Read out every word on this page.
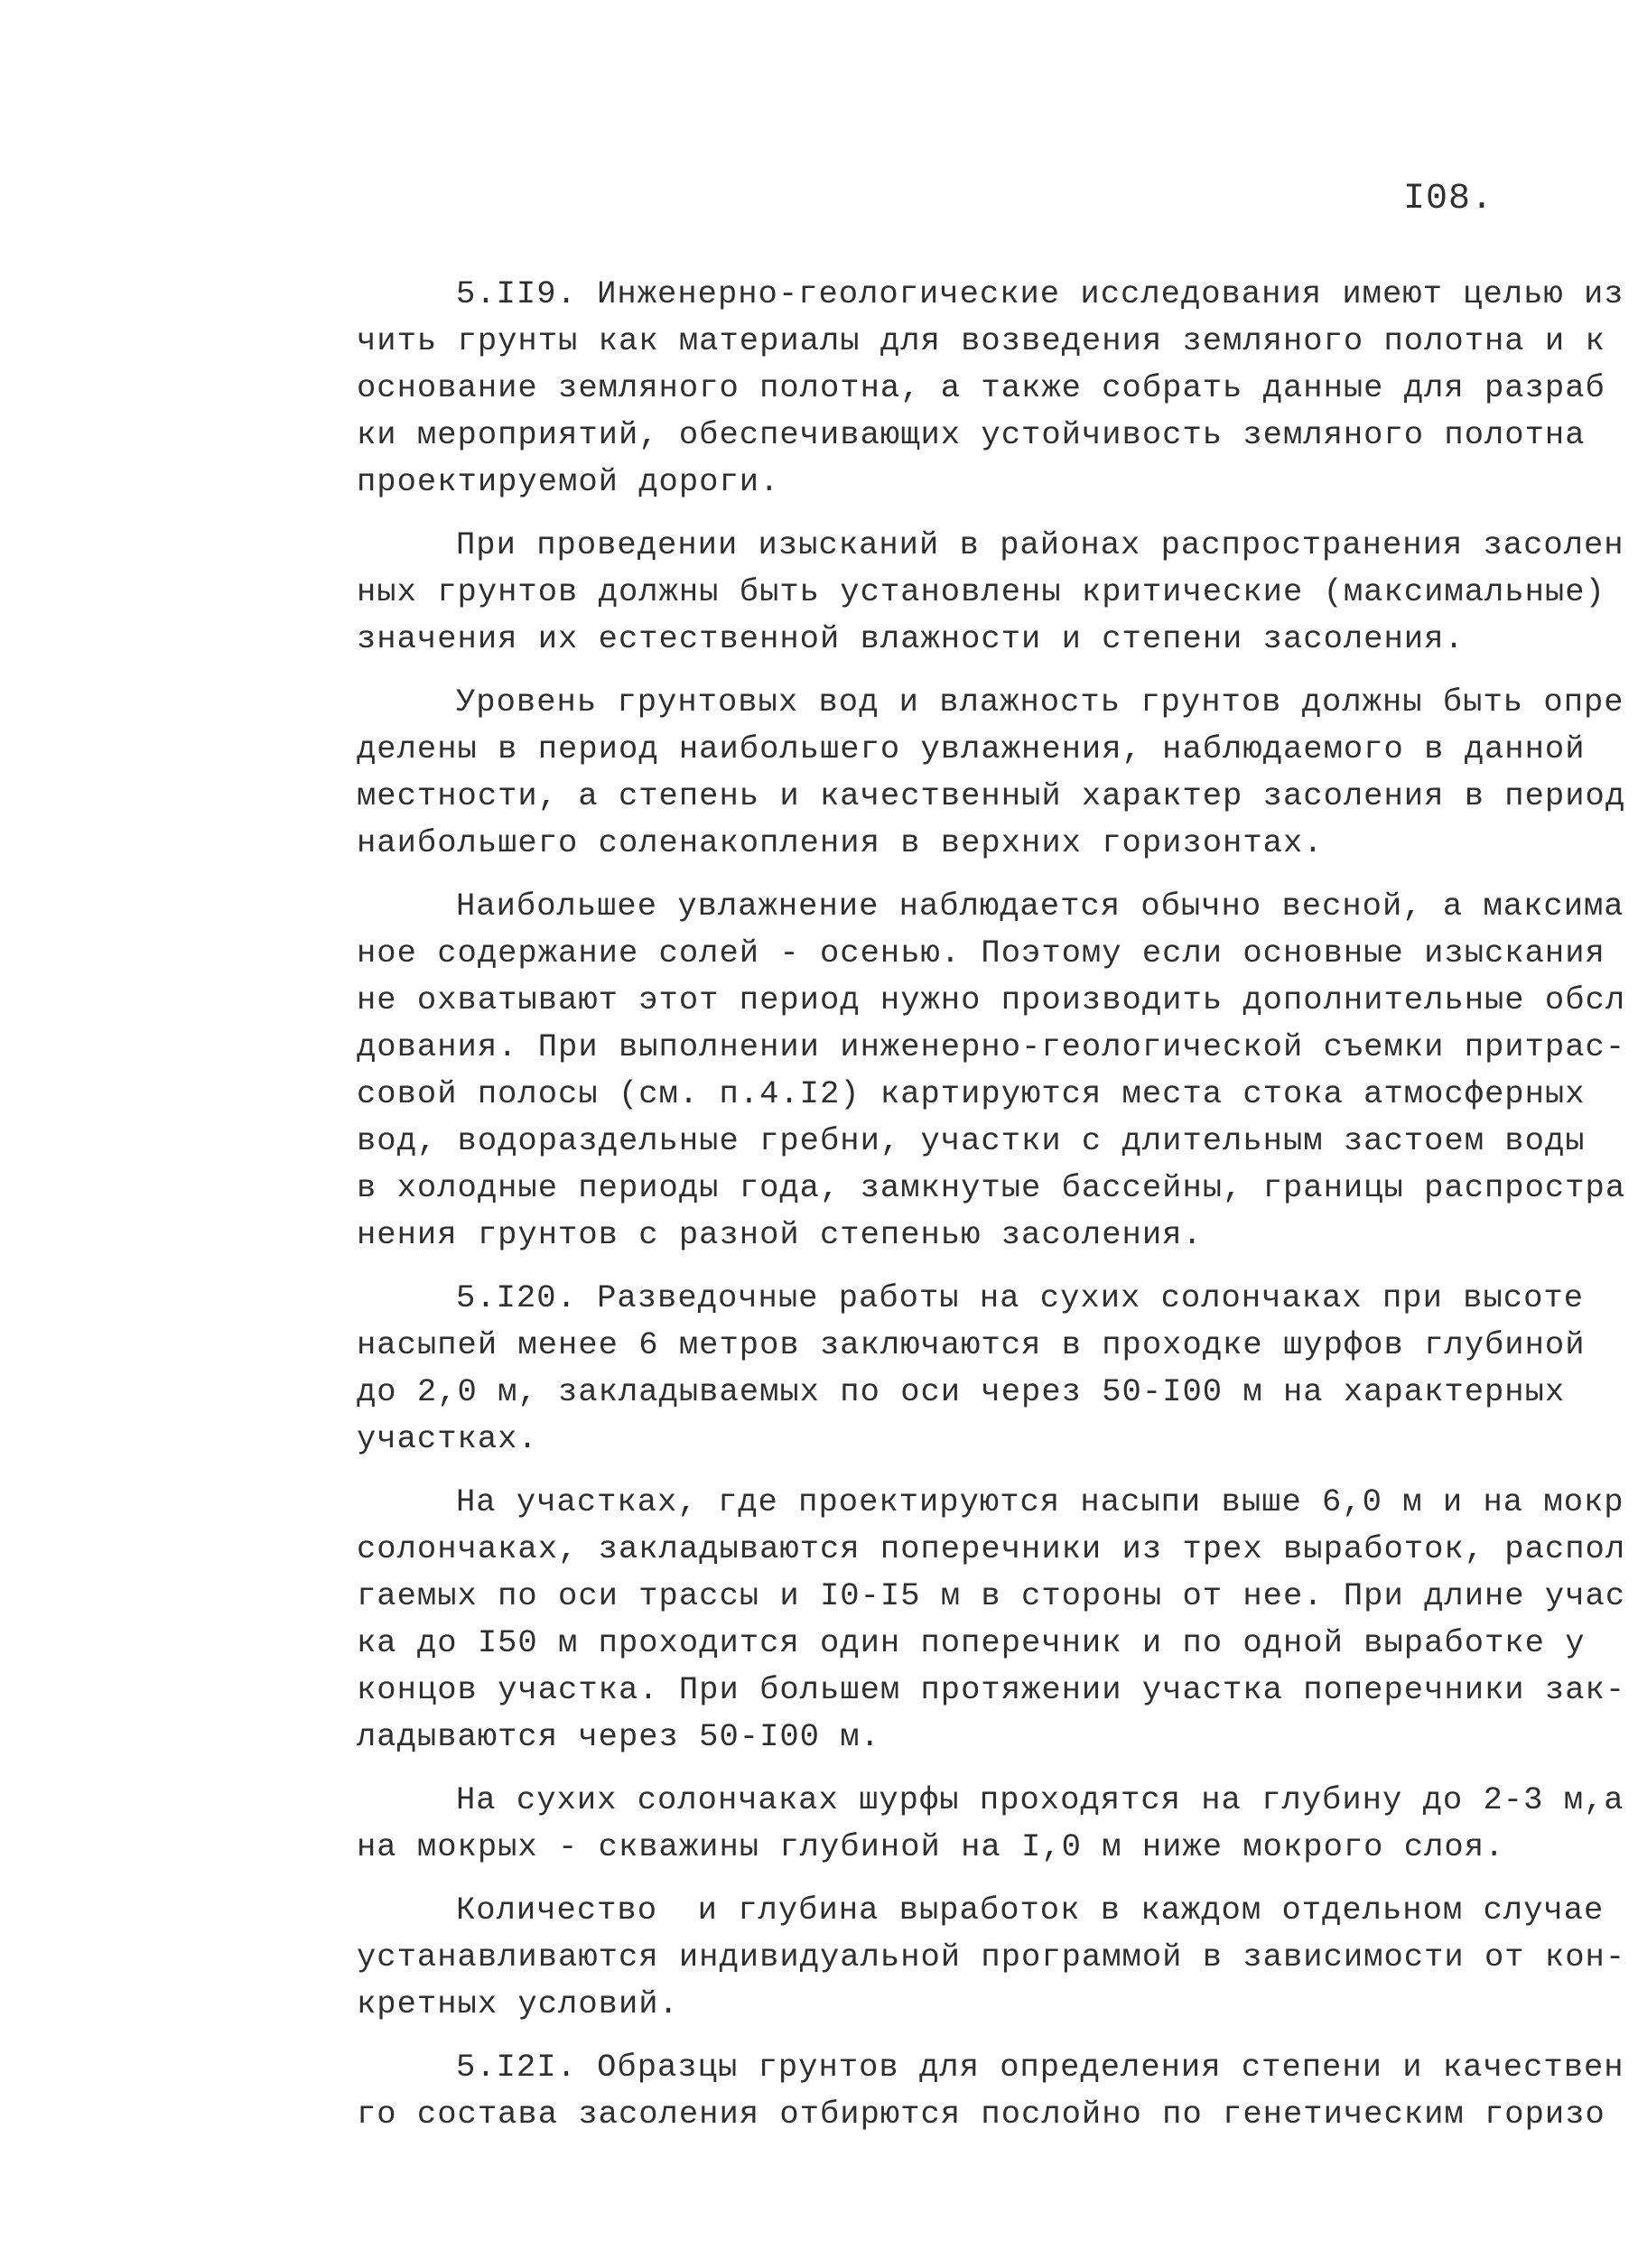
I08.
5.II9. Инженерно-геологические исследования имеют целью из
чить грунты как материалы для возведения земляного полотна и к
основание земляного полотна, а также собрать данные для разраб
ки мероприятий, обеспечивающих устойчивость земляного полотна
проектируемой дороги.
При проведении изысканий в районах распространения засолен
ных грунтов должны быть установлены критические (максимальные)
значения их естественной влажности и степени засоления.
Уровень грунтовых вод и влажность грунтов должны быть опре
делены в период наибольшего увлажнения, наблюдаемого в данной
местности, а степень и качественный характер засоления в период
наибольшего соленакопления в верхних горизонтах.
Наибольшее увлажнение наблюдается обычно весной, а максима
ное содержание солей - осенью. Поэтому если основные изыскания
не охватывают этот период нужно производить дополнительные обсл
дования. При выполнении инженерно-геологической съемки притрас-
совой полосы (см. п.4.I2) картируются места стока атмосферных
вод, водораздельные гребни, участки с длительным застоем воды
в холодные периоды года, замкнутые бассейны, границы распростра
нения грунтов с разной степенью засоления.
5.I20. Разведочные работы на сухих солончаках при высоте
насыпей менее 6 метров заключаются в проходке шурфов глубиной
до 2,0 м, закладываемых по оси через 50-I00 м на характерных
участках.
На участках, где проектируются насыпи выше 6,0 м и на мокр
солончаках, закладываются поперечники из трех выработок, распол
гаемых по оси трассы и I0-I5 м в стороны от нее. При длине учас
ка до I50 м проходится один поперечник и по одной выработке у
концов участка. При большем протяжении участка поперечники зак-
ладываются через 50-I00 м.
На сухих солончаках шурфы проходятся на глубину до 2-3 м,а
на мокрых - скважины глубиной на I,0 м ниже мокрого слоя.
Количество  и глубина выработок в каждом отдельном случае
устанавливаются индивидуальной программой в зависимости от кон-
кретных условий.
5.I2I. Образцы грунтов для определения степени и качествен
го состава засоления отбирются послойно по генетическим горизо
